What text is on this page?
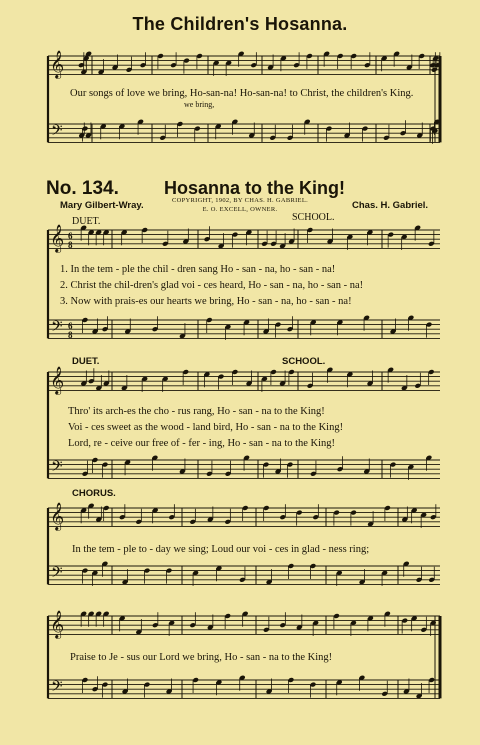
𝄞
𝄢
𝄞
𝄢
6
8
6
8
𝄞
𝄢
𝄞
𝄢
𝄞
𝄢
The Children's Hosanna.
Our songs of love we bring, Ho-san-na! Ho-san-na! to Christ, the children's King.
we bring,
No. 134.	Hosanna to the King!
Mary Gilbert-Wray.	Chas. H. Gabriel.
COPYRIGHT, 1902, BY CHAS. H. GABRIEL.
E. O. EXCELL, OWNER.
DUET.	SCHOOL.
1. In the tem - ple the chil - dren sang Ho - san - na, ho - san - na!
2. Christ the chil-dren's glad voi - ces heard, Ho - san - na, ho - san - na!
3. Now with prais-es our hearts we bring, Ho - san - na, ho - san - na!
DUET.	SCHOOL.
Thro' its arch-es the cho - rus rang, Ho - san - na to the King!
Voi - ces sweet as the wood - land bird, Ho - san - na to the King!
Lord, re - ceive our free of - fer - ing, Ho - san - na to the King!
CHORUS.
In the tem - ple to - day we sing; Loud our voi - ces in glad - ness ring;
Praise to Je - sus our Lord we bring, Ho - san - na to the King!
